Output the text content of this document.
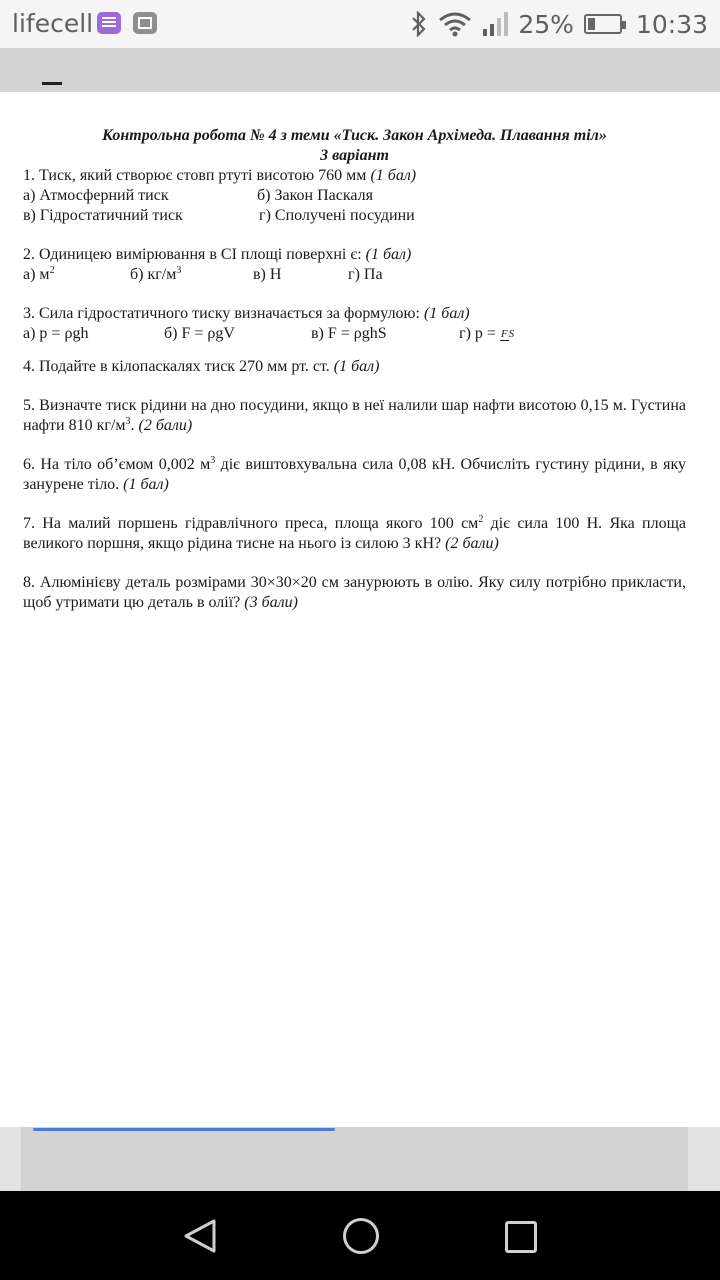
lifecell	25% 10:33
Контрольна робота № 4 з теми «Тиск. Закон Архімеда. Плавання тіл»
3 варіант

1. Тиск, який створює стовп ртуті висотою 760 мм (1 бал)

а) Атмосферний тиск	б) Закон Паскаля
в) Гідростатичний тиск	г) Сполучені посудини

2. Одиницею вимірювання в СІ площі поверхні є: (1 бал)

а) $м^2$	б) $кг/м^3$	в) Н	г) Па

3. Сила гідростатичного тиску визначається за формулою: (1 бал)

а) p = ρgh	б) F = ρgV	в) F = ρghS	г) p = FS

4. Подайте в кілопаскалях тиск 270 мм рт. ст. (1 бал)

5. Визначте тиск рідини на дно посудини, якщо в неї налили шар нафти висотою 0,15 м. Густина нафти 810 $кг/м^3$. (2 бали)

6. На тіло об’ємом 0,002 $м^3$ діє виштовхувальна сила 0,08 кН. Обчисліть густину рідини, в яку занурене тіло. (1 бал)

7. На малий поршень гідравлічного преса, площа якого 100 $см^2$ діє сила 100 Н. Яка площа великого поршня, якщо рідина тисне на нього із силою 3 кН? (2 бали)

8. Алюмінієву деталь розмірами 30×30×20 см занурюють в олію. Яку силу потрібно прикласти, щоб утримати цю деталь в олії? (3 бали)
